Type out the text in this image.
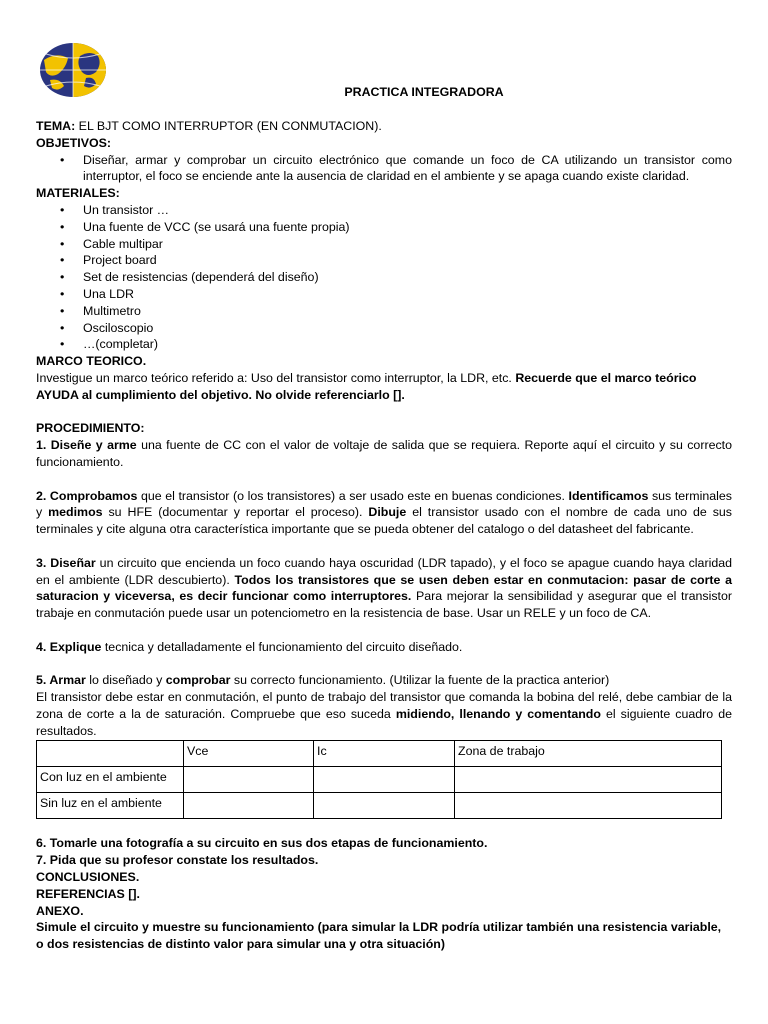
PRACTICA INTEGRADORA

TEMA: EL BJT COMO INTERRUPTOR (EN CONMUTACION).

OBJETIVOS:

• Diseñar, armar y comprobar un circuito electrónico que comande un foco de CA utilizando un transistor como interruptor, el foco se enciende ante la ausencia de claridad en el ambiente y se apaga cuando existe claridad.

MATERIALES:

• Un transistor …
• Una fuente de VCC (se usará una fuente propia)
• Cable multipar
• Project board
• Set de resistencias (dependerá del diseño)
• Una LDR
• Multimetro
• Osciloscopio
• …(completar)

MARCO TEORICO.

Investigue un marco teórico referido a: Uso del transistor como interruptor, la LDR, etc. Recuerde que el marco teórico AYUDA al cumplimiento del objetivo. No olvide referenciarlo [].

PROCEDIMIENTO:

1. Diseñe y arme una fuente de CC con el valor de voltaje de salida que se requiera. Reporte aquí el circuito y su correcto funcionamiento.

2. Comprobamos que el transistor (o los transistores) a ser usado este en buenas condiciones. Identificamos sus terminales y medimos su HFE (documentar y reportar el proceso). Dibuje el transistor usado con el nombre de cada uno de sus terminales y cite alguna otra característica importante que se pueda obtener del catalogo o del datasheet del fabricante.

3. Diseñar un circuito que encienda un foco cuando haya oscuridad (LDR tapado), y el foco se apague cuando haya claridad en el ambiente (LDR descubierto). Todos los transistores que se usen deben estar en conmutacion: pasar de corte a saturacion y viceversa, es decir funcionar como interruptores. Para mejorar la sensibilidad y asegurar que el transistor trabaje en conmutación puede usar un potenciometro en la resistencia de base. Usar un RELE y un foco de CA.

4. Explique tecnica y detalladamente el funcionamiento del circuito diseñado.

5. Armar lo diseñado y comprobar su correcto funcionamiento. (Utilizar la fuente de la practica anterior)

El transistor debe estar en conmutación, el punto de trabajo del transistor que comanda la bobina del relé, debe cambiar de la zona de corte a la de saturación. Compruebe que eso suceda midiendo, llenando y comentando el siguiente cuadro de resultados.

	Vce	Ic	Zona de trabajo
Con luz en el ambiente			
Sin luz en el ambiente			

6. Tomarle una fotografía a su circuito en sus dos etapas de funcionamiento.

7. Pida que su profesor constate los resultados.

CONCLUSIONES.

REFERENCIAS [].

ANEXO.

Simule el circuito y muestre su funcionamiento (para simular la LDR podría utilizar también una resistencia variable, o dos resistencias de distinto valor para simular una y otra situación)
